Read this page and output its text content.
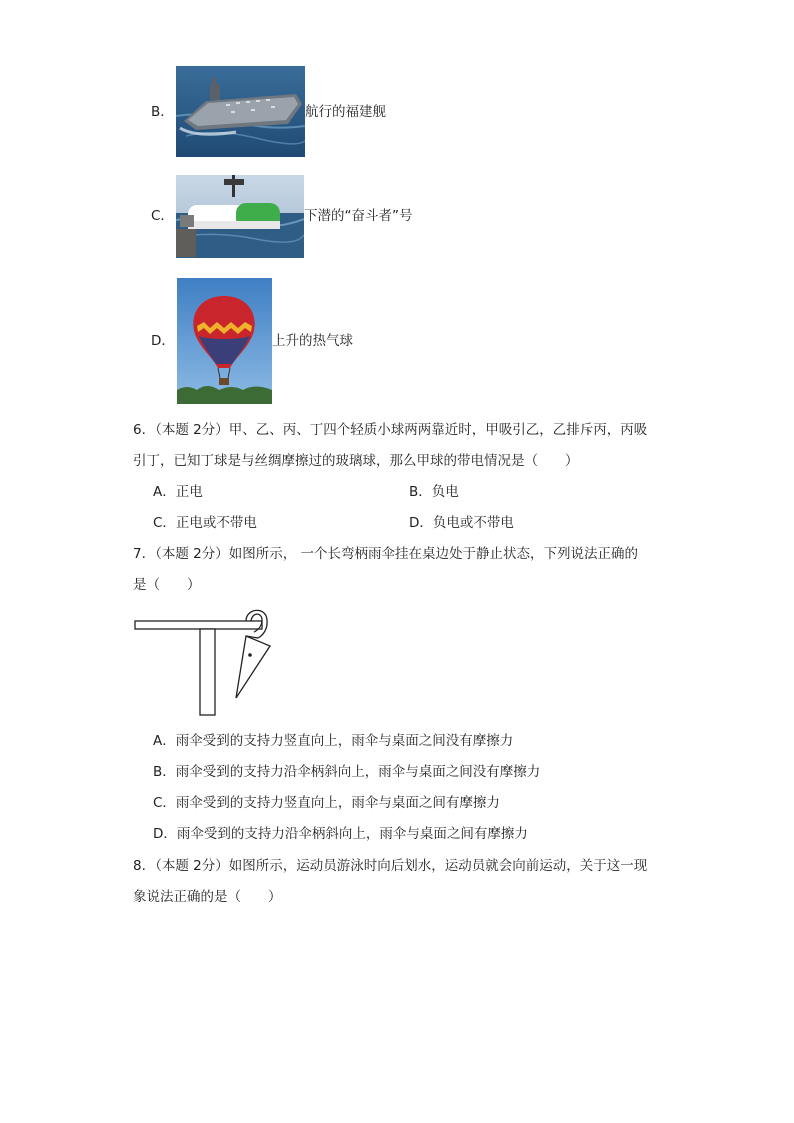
B．	航行的福建舰
C．	下潜的“奋斗者”号
D．	上升的热气球
6．（本题 2分）甲、乙、丙、丁四个轻质小球两两靠近时，甲吸引乙，乙排斥丙，丙吸
引丁，已知丁球是与丝绸摩擦过的玻璃球，那么甲球的带电情况是（　　）
A．正电	B．负电
C．正电或不带电	D．负电或不带电
7．（本题 2分）如图所示， 一个长弯柄雨伞挂在桌边处于静止状态，下列说法正确的
是（　　）
A．雨伞受到的支持力竖直向上，雨伞与桌面之间没有摩擦力
B．雨伞受到的支持力沿伞柄斜向上，雨伞与桌面之间没有摩擦力
C．雨伞受到的支持力竖直向上，雨伞与桌面之间有摩擦力
D．雨伞受到的支持力沿伞柄斜向上，雨伞与桌面之间有摩擦力
8．（本题 2分）如图所示，运动员游泳时向后划水，运动员就会向前运动，关于这一现
象说法正确的是（　　）
